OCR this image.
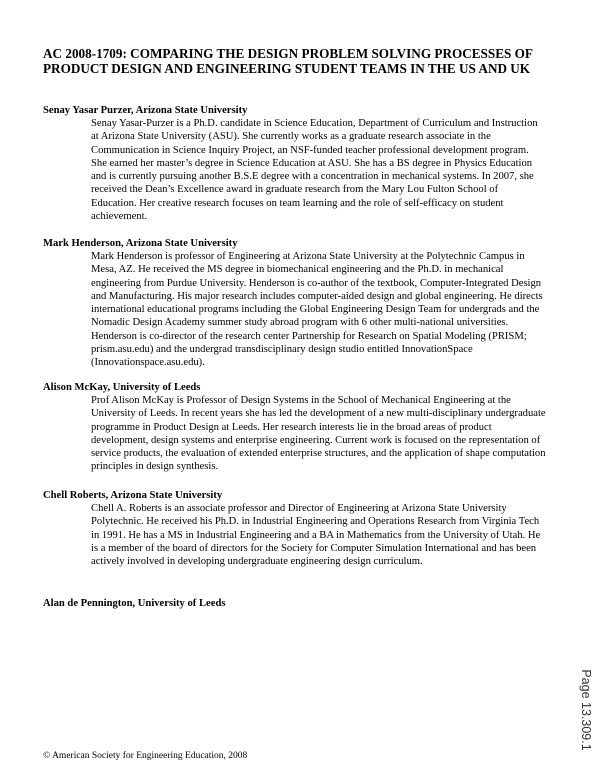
AC 2008-1709: COMPARING THE DESIGN PROBLEM SOLVING PROCESSES OF PRODUCT DESIGN AND ENGINEERING STUDENT TEAMS IN THE US AND UK

Senay Yasar Purzer, Arizona State University

Senay Yasar-Purzer is a Ph.D. candidate in Science Education, Department of Curriculum and Instruction at Arizona State University (ASU). She currently works as a graduate research associate in the Communication in Science Inquiry Project, an NSF-funded teacher professional development program. She earned her master’s degree in Science Education at ASU. She has a BS degree in Physics Education and is currently pursuing another B.S.E degree with a concentration in mechanical systems. In 2007, she received the Dean’s Excellence award in graduate research from the Mary Lou Fulton School of Education. Her creative research focuses on team learning and the role of self-efficacy on student achievement.

Mark Henderson, Arizona State University

Mark Henderson is professor of Engineering at Arizona State University at the Polytechnic Campus in Mesa, AZ. He received the MS degree in biomechanical engineering and the Ph.D. in mechanical engineering from Purdue University. Henderson is co-author of the textbook, Computer-Integrated Design and Manufacturing. His major research includes computer-aided design and global engineering. He directs international educational programs including the Global Engineering Design Team for undergrads and the Nomadic Design Academy summer study abroad program with 6 other multi-national universities. Henderson is co-director of the research center Partnership for Research on Spatial Modeling (PRISM; prism.asu.edu) and the undergrad transdisciplinary design studio entitled InnovationSpace (Innovationspace.asu.edu).

Alison McKay, University of Leeds

Prof Alison McKay is Professor of Design Systems in the School of Mechanical Engineering at the University of Leeds. In recent years she has led the development of a new multi-disciplinary undergraduate programme in Product Design at Leeds. Her research interests lie in the broad areas of product development, design systems and enterprise engineering. Current work is focused on the representation of service products, the evaluation of extended enterprise structures, and the application of shape computation principles in design synthesis.

Chell Roberts, Arizona State University

Chell A. Roberts is an associate professor and Director of Engineering at Arizona State University Polytechnic. He received his Ph.D. in Industrial Engineering and Operations Research from Virginia Tech in 1991. He has a MS in Industrial Engineering and a BA in Mathematics from the University of Utah. He is a member of the board of directors for the Society for Computer Simulation International and has been actively involved in developing undergraduate engineering design curriculum.

Alan de Pennington, University of Leeds

© American Society for Engineering Education, 2008
Page 13.309.1
